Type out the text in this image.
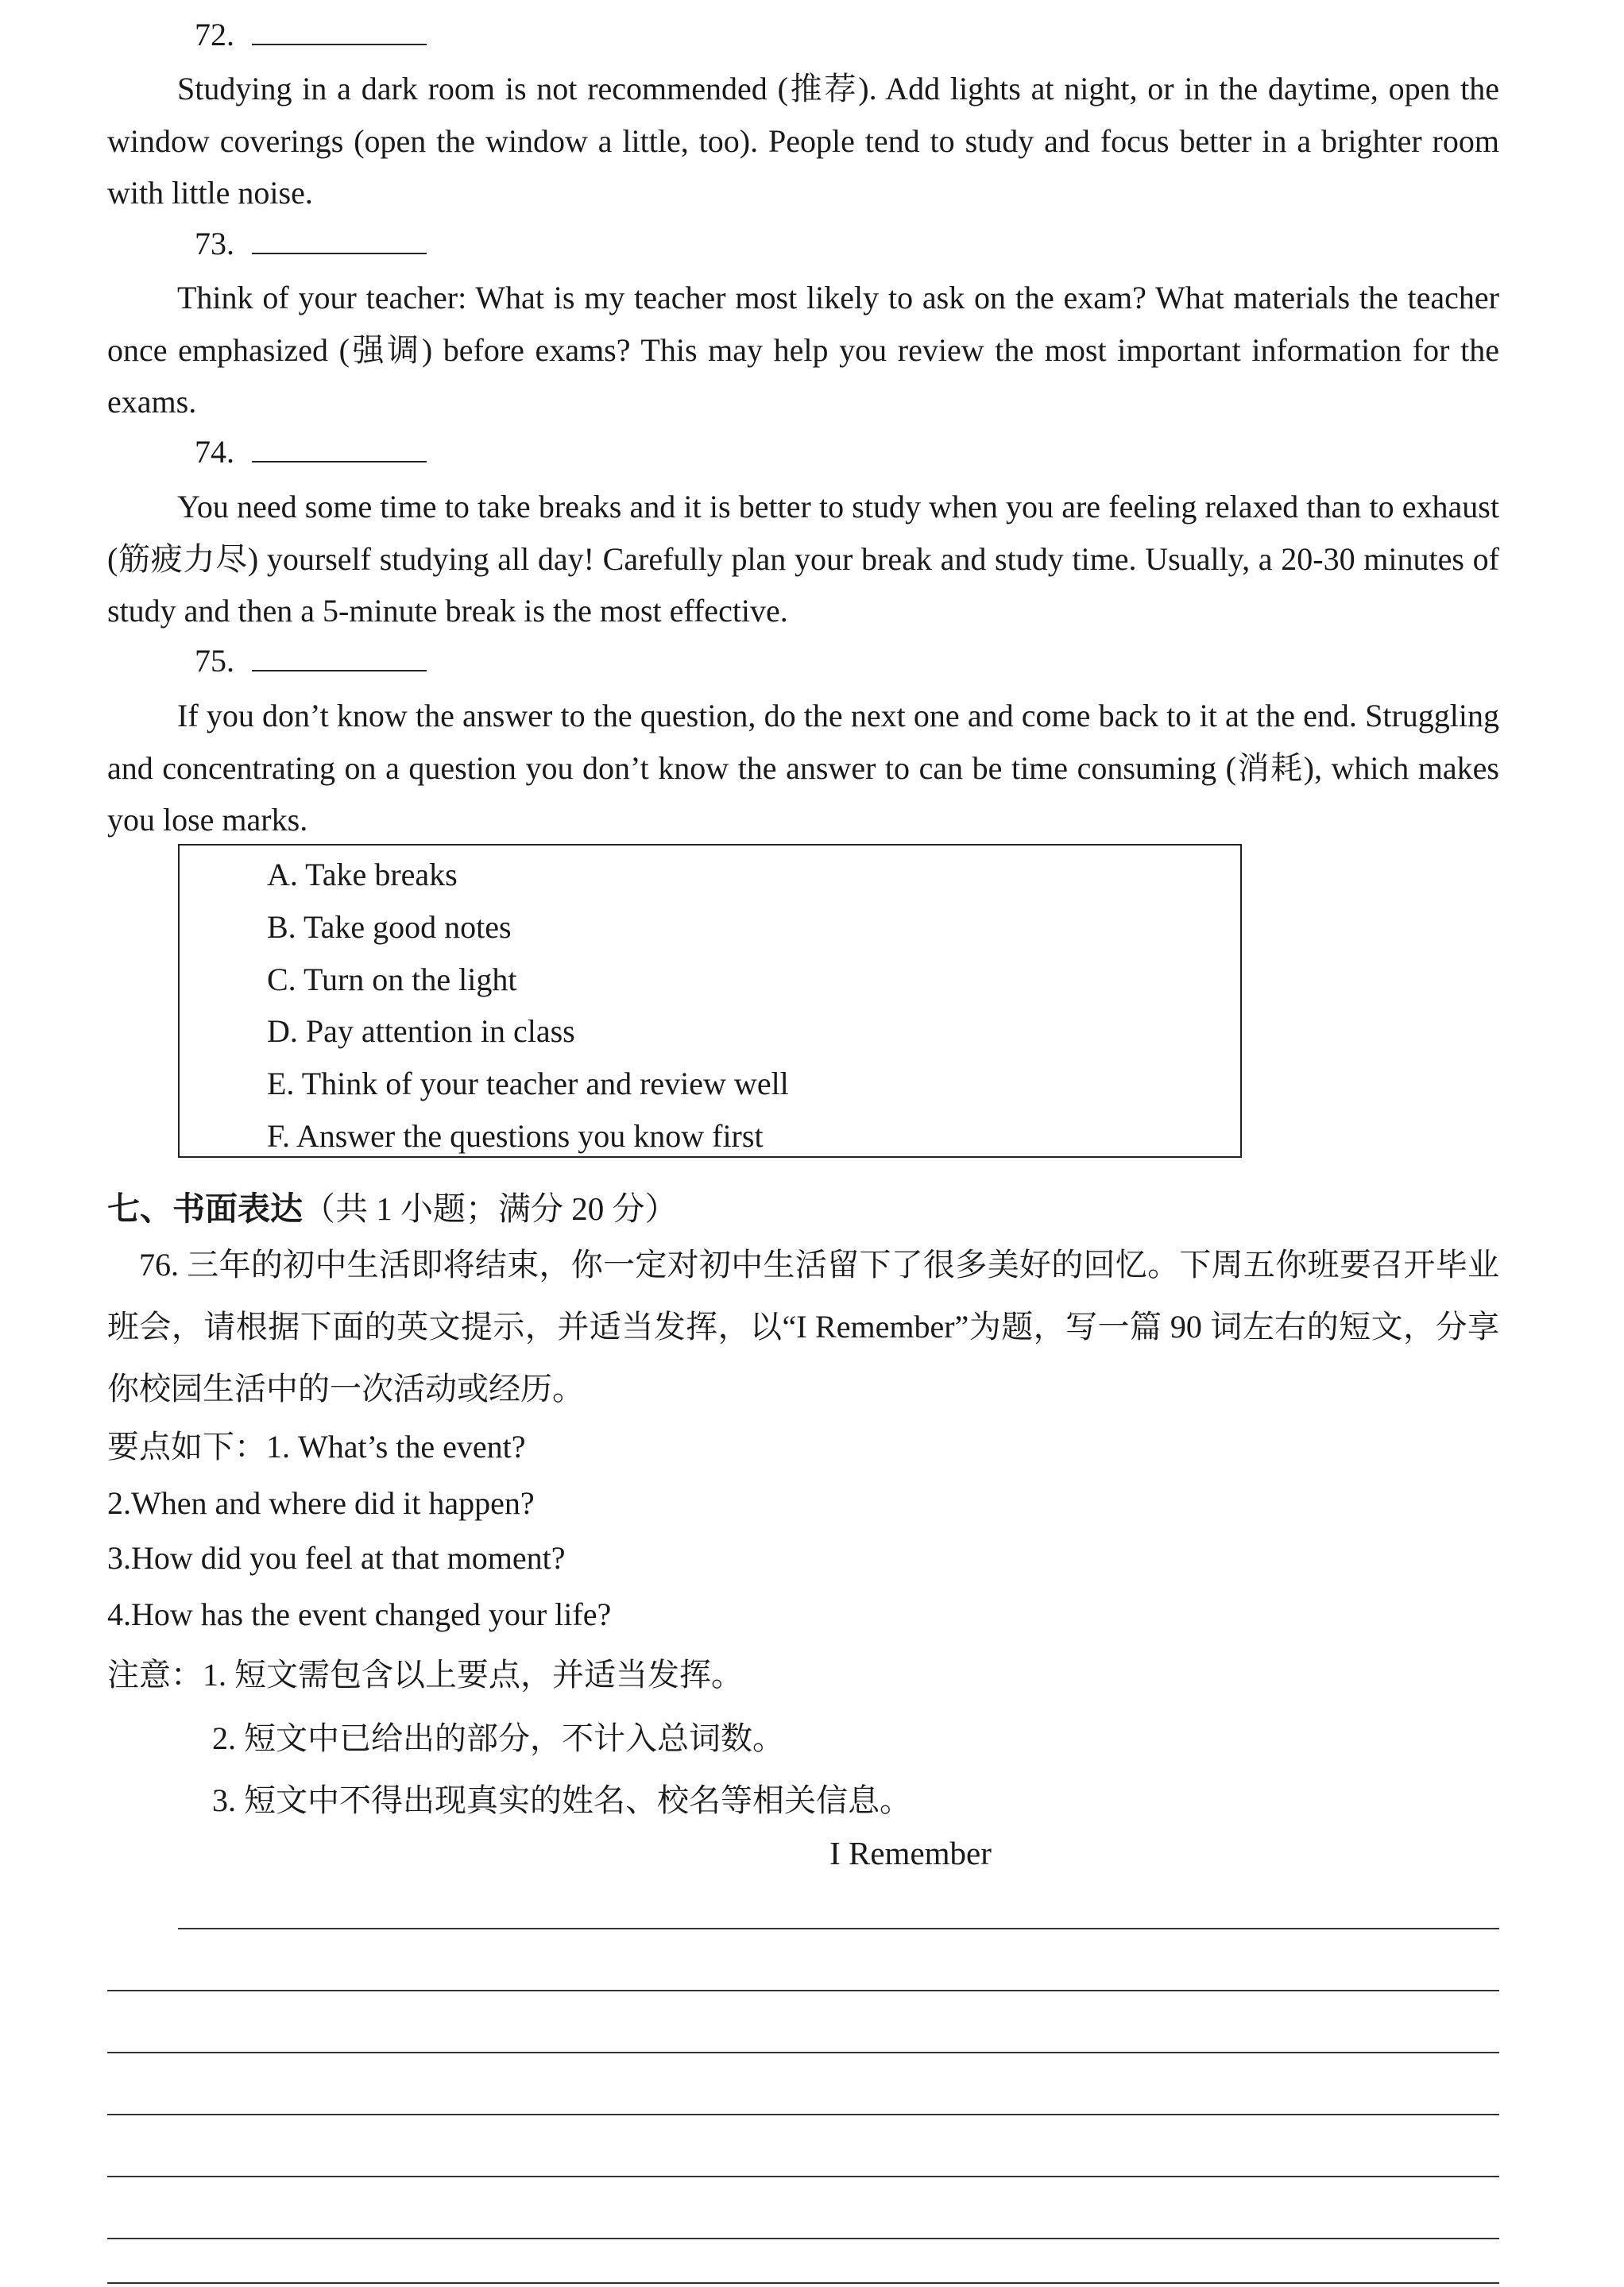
72.

Studying in a dark room is not recommended (推荐). Add lights at night, or in the daytime, open the window coverings (open the window a little, too). People tend to study and focus better in a brighter room with little noise.

73.

Think of your teacher: What is my teacher most likely to ask on the exam? What materials the teacher once emphasized (强调) before exams? This may help you review the most important information for the exams.

74.

You need some time to take breaks and it is better to study when you are feeling relaxed than to exhaust (筋疲力尽) yourself studying all day! Carefully plan your break and study time. Usually, a 20-30 minutes of study and then a 5-minute break is the most effective.

75.

If you don’t know the answer to the question, do the next one and come back to it at the end. Struggling and concentrating on a question you don’t know the answer to can be time consuming (消耗), which makes you lose marks.

A. Take breaks
B. Take good notes
C. Turn on the light
D. Pay attention in class
E. Think of your teacher and review well
F. Answer the questions you know first
七、书面表达（共 1 小题；满分 20 分）

76. 三年的初中生活即将结束，你一定对初中生活留下了很多美好的回忆。下周五你班要召开毕业班会，请根据下面的英文提示，并适当发挥，以“I Remember”为题，写一篇 90 词左右的短文，分享你校园生活中的一次活动或经历。

要点如下：1. What’s the event?
2.When and where did it happen?
3.How did you feel at that moment?
4.How has the event changed your life?
注意：1. 短文需包含以上要点，并适当发挥。
2. 短文中已给出的部分，不计入总词数。
3. 短文中不得出现真实的姓名、校名等相关信息。
I Remember
